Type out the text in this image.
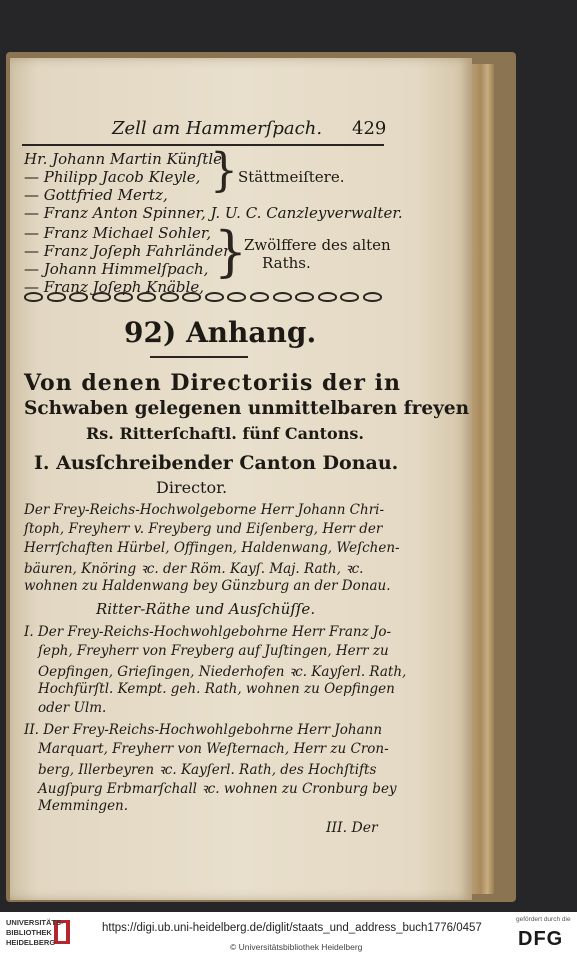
Zell am Hammerſpach. 429
Hr. Johann Martin Künſtle,
— Philipp Jacob Kleyle,
— Gottfried Mertz, } Stättmeiſtere.
— Franz Anton Spinner, J. U. C. Canzleyverwalter.
— Franz Michael Sohler,
— Franz Joſeph Fahrländer,
— Johann Himmelſpach,
— Franz Joſeph Knäble,
}
Zwölffere des alten
Raths.
92) Anhang.
Von denen Directoriis der in
Schwaben gelegenen unmittelbaren freyen
Rs. Ritterſchaftl. fünf Cantons.
I. Ausſchreibender Canton Donau.
Director.
Der Frey-Reichs-Hochwolgeborne Herr Johann Chri-
ſtoph, Freyherr v. Freyberg und Eiſenberg, Herr der
Herrſchaften Hürbel, Offingen, Haldenwang, Weſchen-
bäuren, Knöring ꝛc. der Röm. Kayſ. Maj. Rath, ꝛc.
wohnen zu Haldenwang bey Günzburg an der Donau.
Ritter-Räthe und Ausſchüſſe.
I. Der Frey-Reichs-Hochwohlgebohrne Herr Franz Jo-
ſeph, Freyherr von Freyberg auf Juſtingen, Herr zu
Oepfingen, Grieſingen, Niederhofen ꝛc. Kayſerl. Rath,
Hochfürſtl. Kempt. geh. Rath, wohnen zu Oepfingen
oder Ulm.
II. Der Frey-Reichs-Hochwohlgebohrne Herr Johann
Marquart, Freyherr von Weſternach, Herr zu Cron-
berg, Illerbeyren ꝛc. Kayſerl. Rath, des Hochſtifts
Augſpurg Erbmarſchall ꝛc. wohnen zu Cronburg bey
Memmingen.
III. Der
UNIVERSITÄTS-
BIBLIOTHEK
HEIDELBERG
https://digi.ub.uni-heidelberg.de/diglit/staats_und_address_buch1776/0457
© Universitätsbibliothek Heidelberg
gefördert durch die
DFG
